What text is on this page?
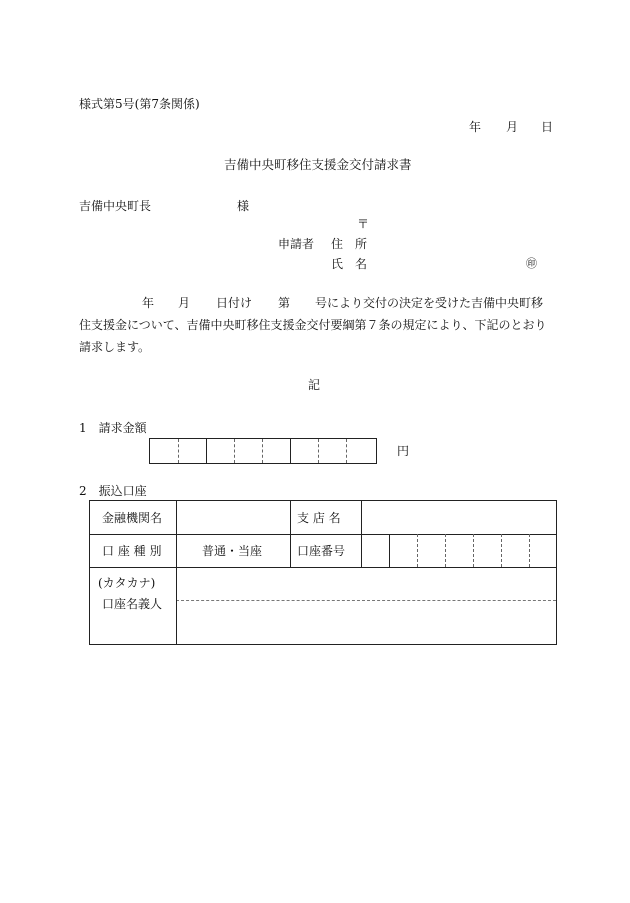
様式第5号(第7条関係)
年 月 日
吉備中央町移住支援金交付請求書
吉備中央町長	様
〒
申請者 住　所
氏　名	㊞
年 月 日付け 第 号により交付の決定を受けた吉備中央町移
住支援金について、吉備中央町移住支援金交付要綱第７条の規定により、下記のとおり
請求します。
記
1　請求金額
円
2　振込口座
金融機関名	支 店 名
口 座 種 別	普通・当座	口座番号
(カタカナ)
口座名義人
